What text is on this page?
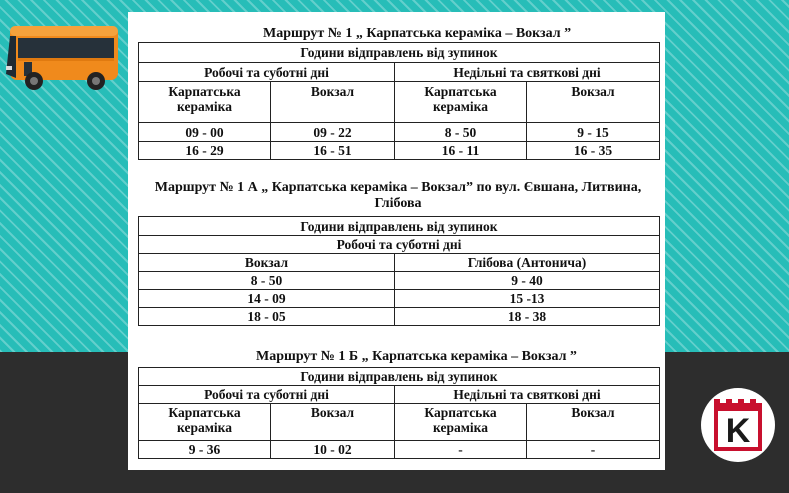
Маршрут № 1 „ Карпатська кераміка – Вокзал ”
Години відправлень від зупинок			
Робочі та суботні дні		Недільні та святкові дні	
Карпатська кераміка	Вокзал	Карпатська кераміка	Вокзал
09 - 00	09 - 22	8 - 50	9 - 15
16 - 29	16 - 51	16 - 11	16 - 35
Маршрут № 1 А „ Карпатська кераміка – Вокзал” по вул. Євшана, Литвина, Глібова
Години відправлень від зупинок	
Робочі та суботні дні	
Вокзал	Глібова (Антонича)
8 - 50	9 - 40
14 - 09	15 -13
18 - 05	18 - 38
Маршрут № 1 Б „ Карпатська кераміка – Вокзал ”
Години відправлень від зупинок			
Робочі та суботні дні		Недільні та святкові дні	
Карпатська кераміка	Вокзал	Карпатська кераміка	Вокзал
9 - 36	10 - 02	-	-	K
